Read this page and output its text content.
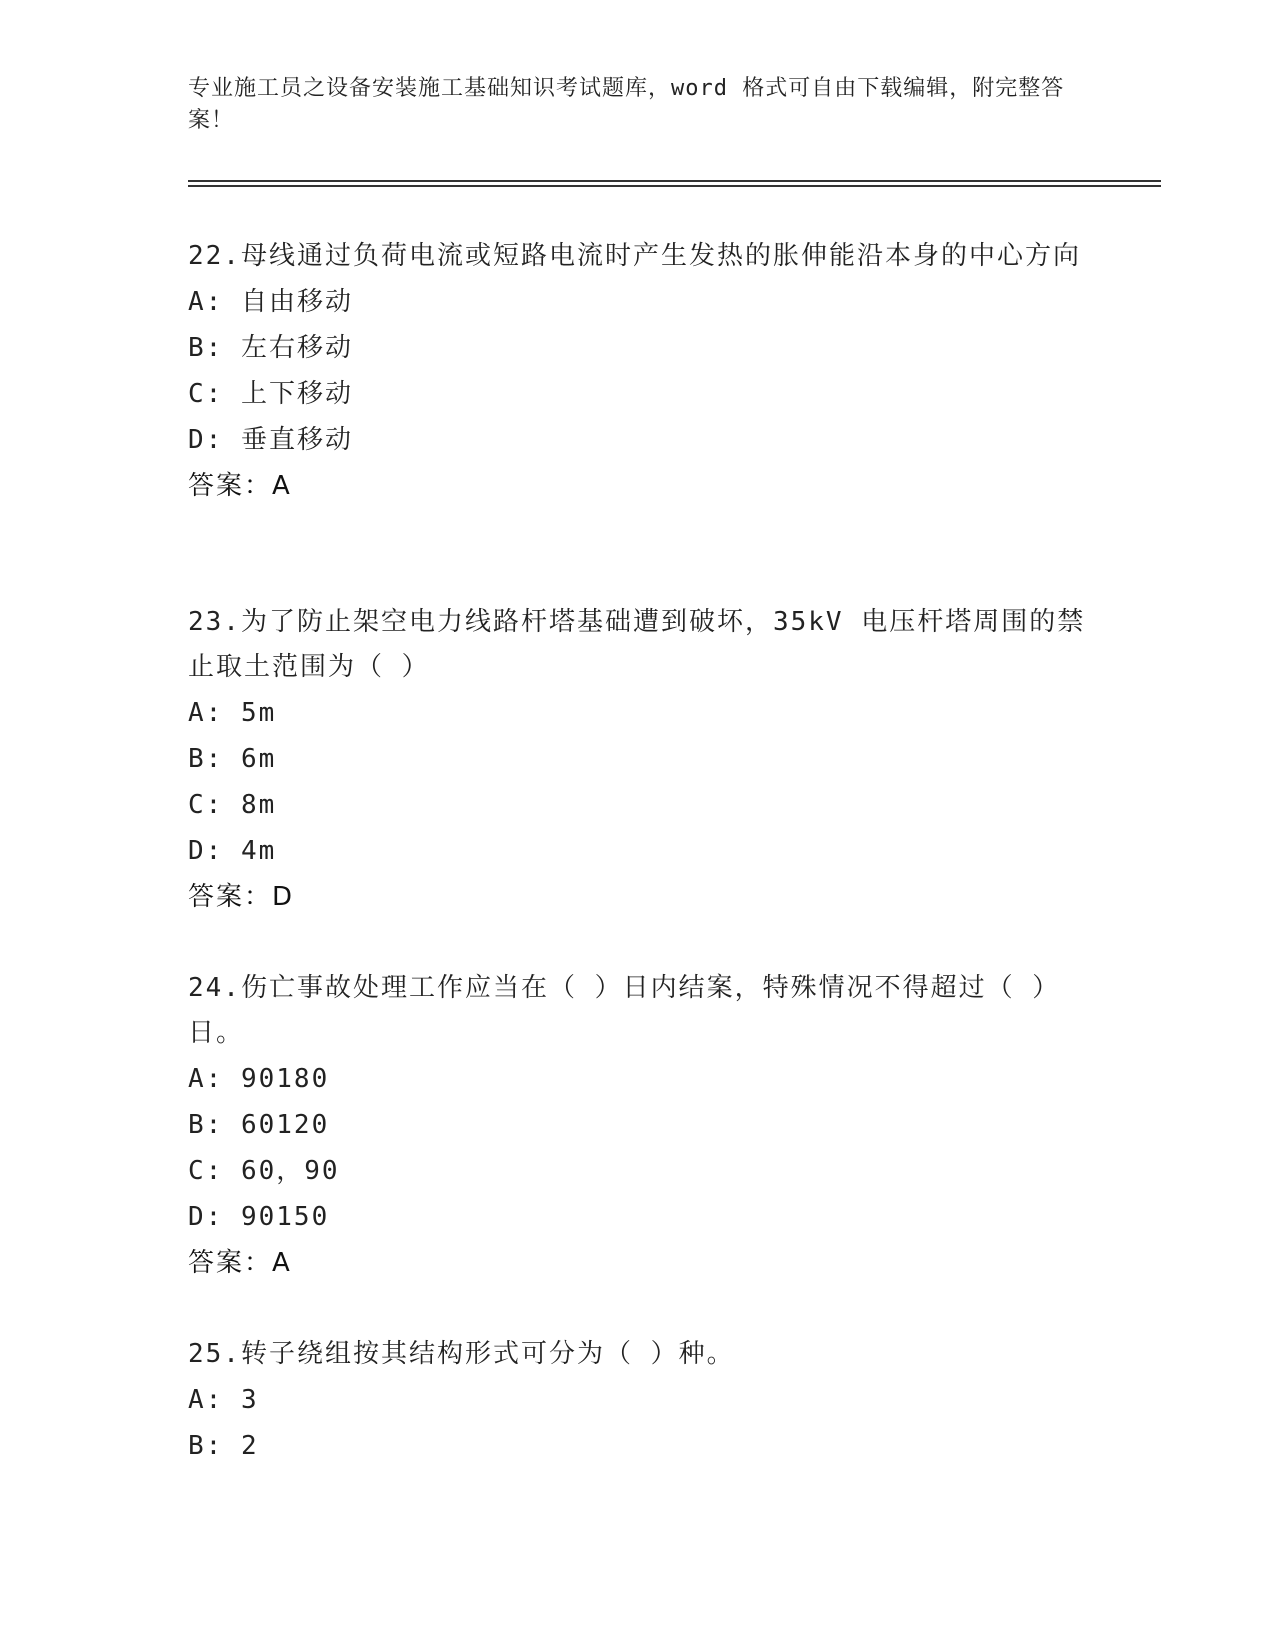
专业施工员之设备安装施工基础知识考试题库，word 格式可自由下载编辑，附完整答案！

22.母线通过负荷电流或短路电流时产生发热的胀伸能沿本身的中心方向

A: 自由移动

B: 左右移动

C: 上下移动

D: 垂直移动

答案：A

23.为了防止架空电力线路杆塔基础遭到破坏，35kV 电压杆塔周围的禁止取土范围为（ ）

A: 5m

B: 6m

C: 8m

D: 4m

答案：D

24.伤亡事故处理工作应当在（ ）日内结案，特殊情况不得超过（ ）日。

A: 90180

B: 60120

C: 60，90

D: 90150

答案：A

25.转子绕组按其结构形式可分为（ ）种。

A: 3

B: 2
